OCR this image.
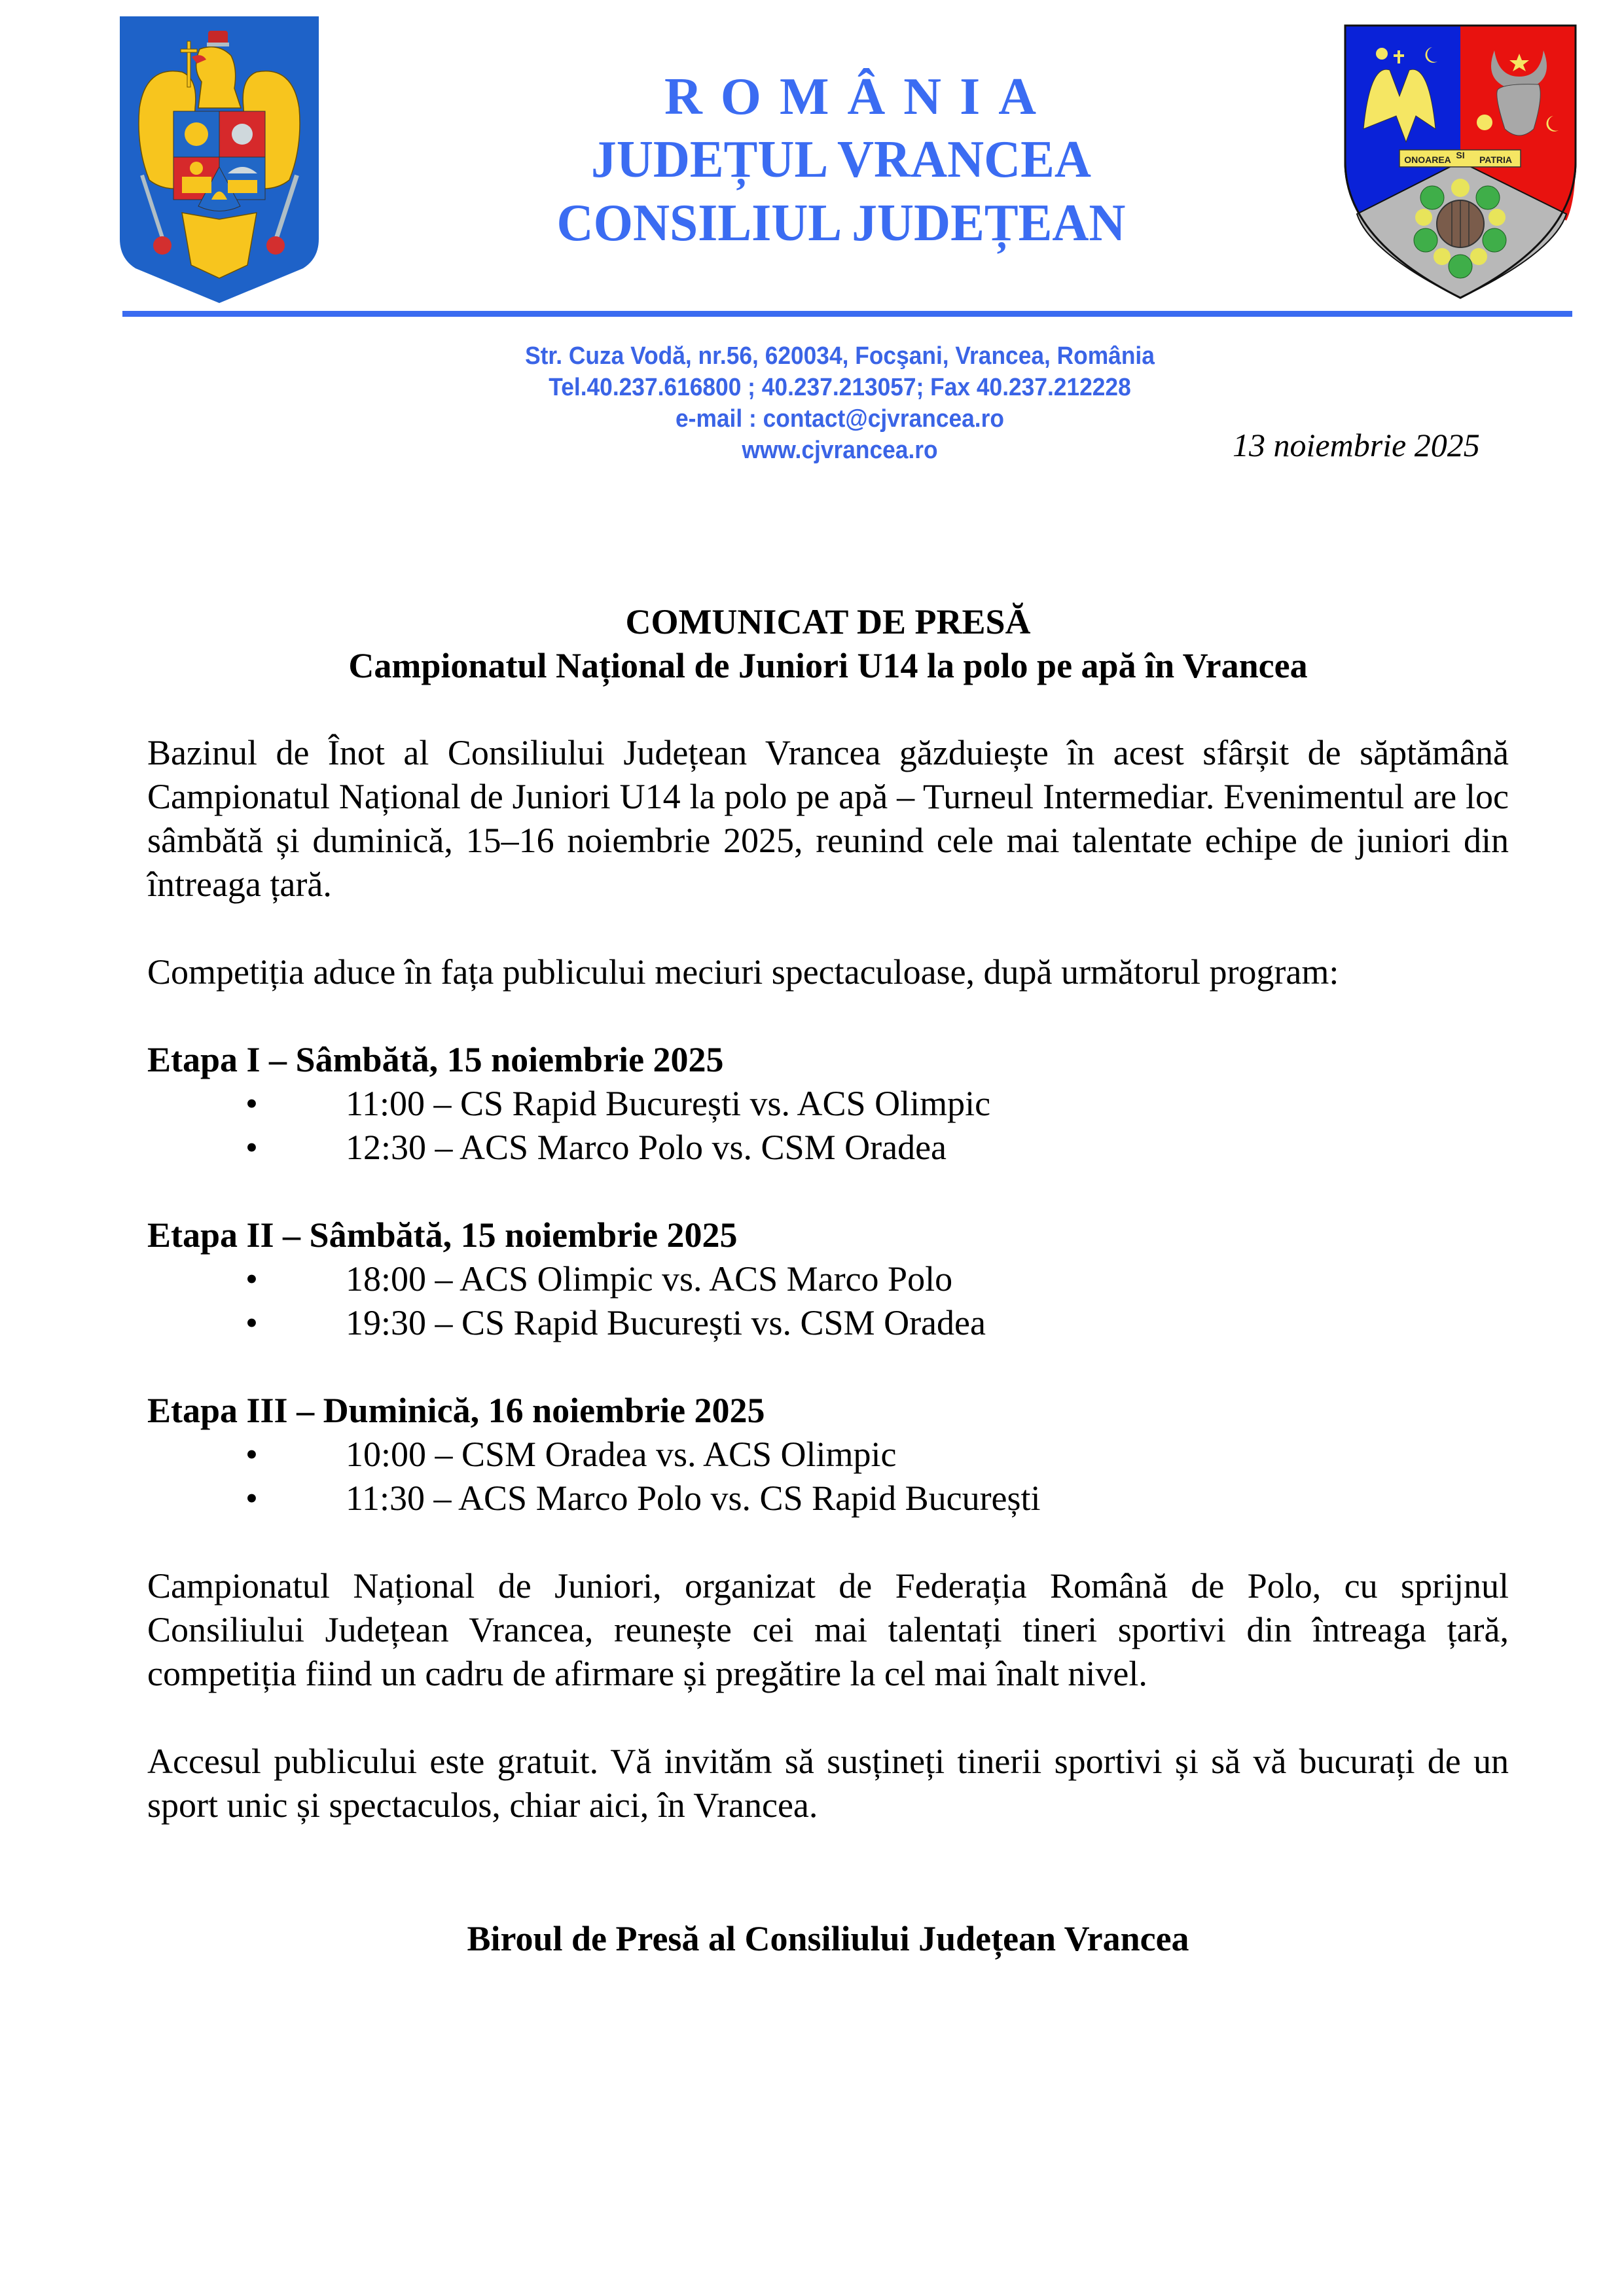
ROMÂNIA
JUDEȚUL VRANCEA
CONSILIUL JUDEȚEAN
ONOAREA SI PATRIA
Str. Cuza Vodă, nr.56, 620034, Focşani, Vrancea, România
Tel.40.237.616800 ; 40.237.213057; Fax 40.237.212228
e-mail : contact@cjvrancea.ro
www.cjvrancea.ro	13 noiembrie 2025
COMUNICAT DE PRESĂ
Campionatul Național de Juniori U14 la polo pe apă în Vrancea

Bazinul de Înot al Consiliului Județean Vrancea găzduiește în acest sfârșit de săptămână Campionatul Național de Juniori U14 la polo pe apă – Turneul Intermediar. Evenimentul are loc sâmbătă și duminică, 15–16 noiembrie 2025, reunind cele mai talentate echipe de juniori din întreaga țară.

Competiția aduce în fața publicului meciuri spectaculoase, după următorul program:

Etapa I – Sâmbătă, 15 noiembrie 2025
• 11:00 – CS Rapid București vs. ACS Olimpic
• 12:30 – ACS Marco Polo vs. CSM Oradea
Etapa II – Sâmbătă, 15 noiembrie 2025
• 18:00 – ACS Olimpic vs. ACS Marco Polo
• 19:30 – CS Rapid București vs. CSM Oradea
Etapa III – Duminică, 16 noiembrie 2025
• 10:00 – CSM Oradea vs. ACS Olimpic
• 11:30 – ACS Marco Polo vs. CS Rapid București

Campionatul Național de Juniori, organizat de Federația Română de Polo, cu sprijnul Consiliului Județean Vrancea, reunește cei mai talentați tineri sportivi din întreaga țară, competiția fiind un cadru de afirmare și pregătire la cel mai înalt nivel.

Accesul publicului este gratuit. Vă invităm să susțineți tinerii sportivi și să vă bucurați de un sport unic și spectaculos, chiar aici, în Vrancea.

Biroul de Presă al Consiliului Județean Vrancea
